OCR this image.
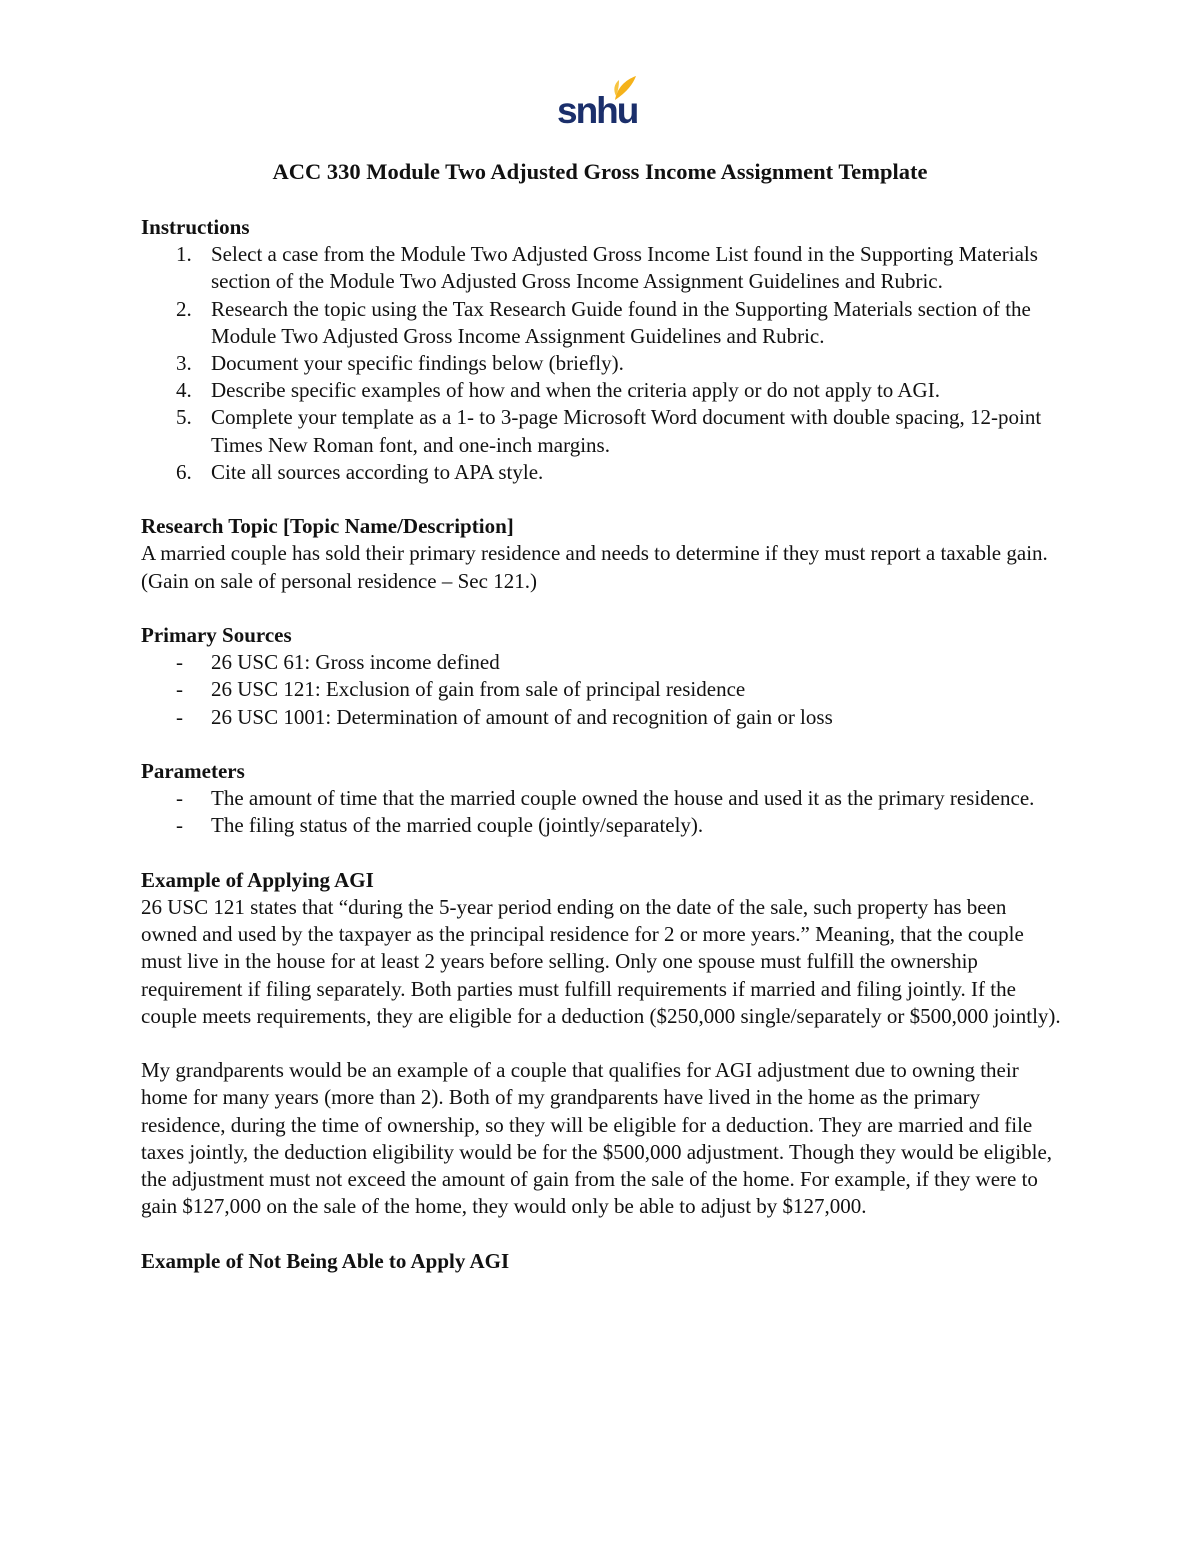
snhu
ACC 330 Module Two Adjusted Gross Income Assignment Template

Instructions

1. Select a case from the Module Two Adjusted Gross Income List found in the Supporting Materials section of the Module Two Adjusted Gross Income Assignment Guidelines and Rubric.
2. Research the topic using the Tax Research Guide found in the Supporting Materials section of the Module Two Adjusted Gross Income Assignment Guidelines and Rubric.
3. Document your specific findings below (briefly).
4. Describe specific examples of how and when the criteria apply or do not apply to AGI.
5. Complete your template as a 1- to 3-page Microsoft Word document with double spacing, 12-point Times New Roman font, and one-inch margins.
6. Cite all sources according to APA style.

Research Topic [Topic Name/Description]

A married couple has sold their primary residence and needs to determine if they must report a taxable gain. (Gain on sale of personal residence – Sec 121.)

Primary Sources

- 26 USC 61: Gross income defined
- 26 USC 121: Exclusion of gain from sale of principal residence
- 26 USC 1001: Determination of amount of and recognition of gain or loss

Parameters

- The amount of time that the married couple owned the house and used it as the primary residence.
- The filing status of the married couple (jointly/separately).

Example of Applying AGI

26 USC 121 states that “during the 5-year period ending on the date of the sale, such property has been owned and used by the taxpayer as the principal residence for 2 or more years.” Meaning, that the couple must live in the house for at least 2 years before selling. Only one spouse must fulfill the ownership requirement if filing separately. Both parties must fulfill requirements if married and filing jointly. If the couple meets requirements, they are eligible for a deduction ($250,000 single/separately or $500,000 jointly).

My grandparents would be an example of a couple that qualifies for AGI adjustment due to owning their home for many years (more than 2). Both of my grandparents have lived in the home as the primary residence, during the time of ownership, so they will be eligible for a deduction. They are married and file taxes jointly, the deduction eligibility would be for the $500,000 adjustment. Though they would be eligible, the adjustment must not exceed the amount of gain from the sale of the home. For example, if they were to gain $127,000 on the sale of the home, they would only be able to adjust by $127,000.

Example of Not Being Able to Apply AGI
